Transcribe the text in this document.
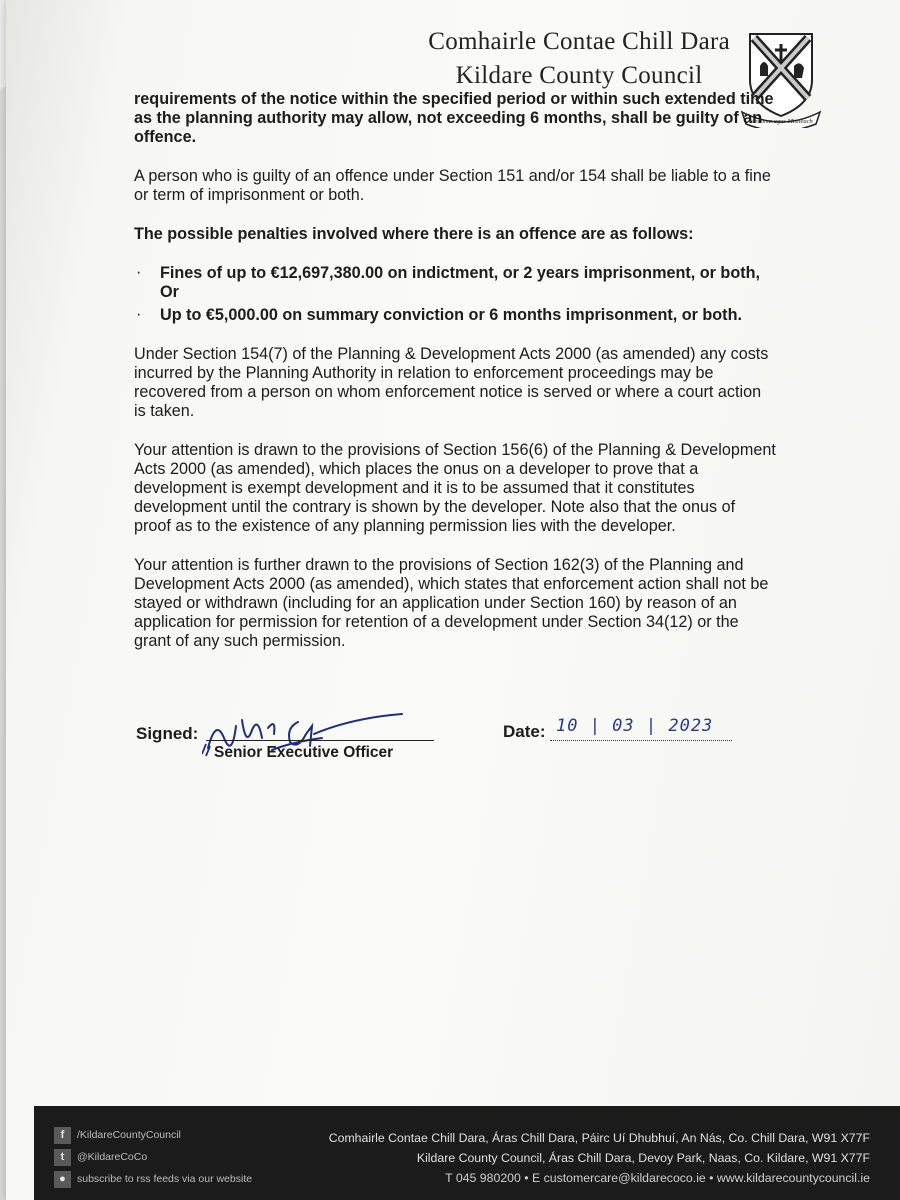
Comhairle Contae Chill Dara
Kildare County Council
Meanma agus Misneach

requirements of the notice within the specified period or within such extended time as the planning authority may allow, not exceeding 6 months, shall be guilty of an offence.

A person who is guilty of an offence under Section 151 and/or 154 shall be liable to a fine or term of imprisonment or both.

The possible penalties involved where there is an offence are as follows:

· Fines of up to €12,697,380.00 on indictment, or 2 years imprisonment, or both,
Or
· Up to €5,000.00 on summary conviction or 6 months imprisonment, or both.

Under Section 154(7) of the Planning & Development Acts 2000 (as amended) any costs incurred by the Planning Authority in relation to enforcement proceedings may be recovered from a person on whom enforcement notice is served or where a court action is taken.

Your attention is drawn to the provisions of Section 156(6) of the Planning & Development Acts 2000 (as amended), which places the onus on a developer to prove that a development is exempt development and it is to be assumed that it constitutes development until the contrary is shown by the developer. Note also that the onus of proof as to the existence of any planning permission lies with the developer.

Your attention is further drawn to the provisions of Section 162(3) of the Planning and Development Acts 2000 (as amended), which states that enforcement action shall not be stayed or withdrawn (including for an application under Section 160) by reason of an application for permission for retention of a development under Section 34(12) or the grant of any such permission.

Signed:
Senior Executive Officer
Date: 10 | 03 | 2023
f	/KildareCountyCouncil
t	@KildareCoCo
●	subscribe to rss feeds via our website
Comhairle Contae Chill Dara, Áras Chill Dara, Páirc Uí Dhubhuí, An Nás, Co. Chill Dara, W91 X77F
Kildare County Council, Áras Chill Dara, Devoy Park, Naas, Co. Kildare, W91 X77F
T 045 980200 • E customercare@kildarecoco.ie • www.kildarecountycouncil.ie
